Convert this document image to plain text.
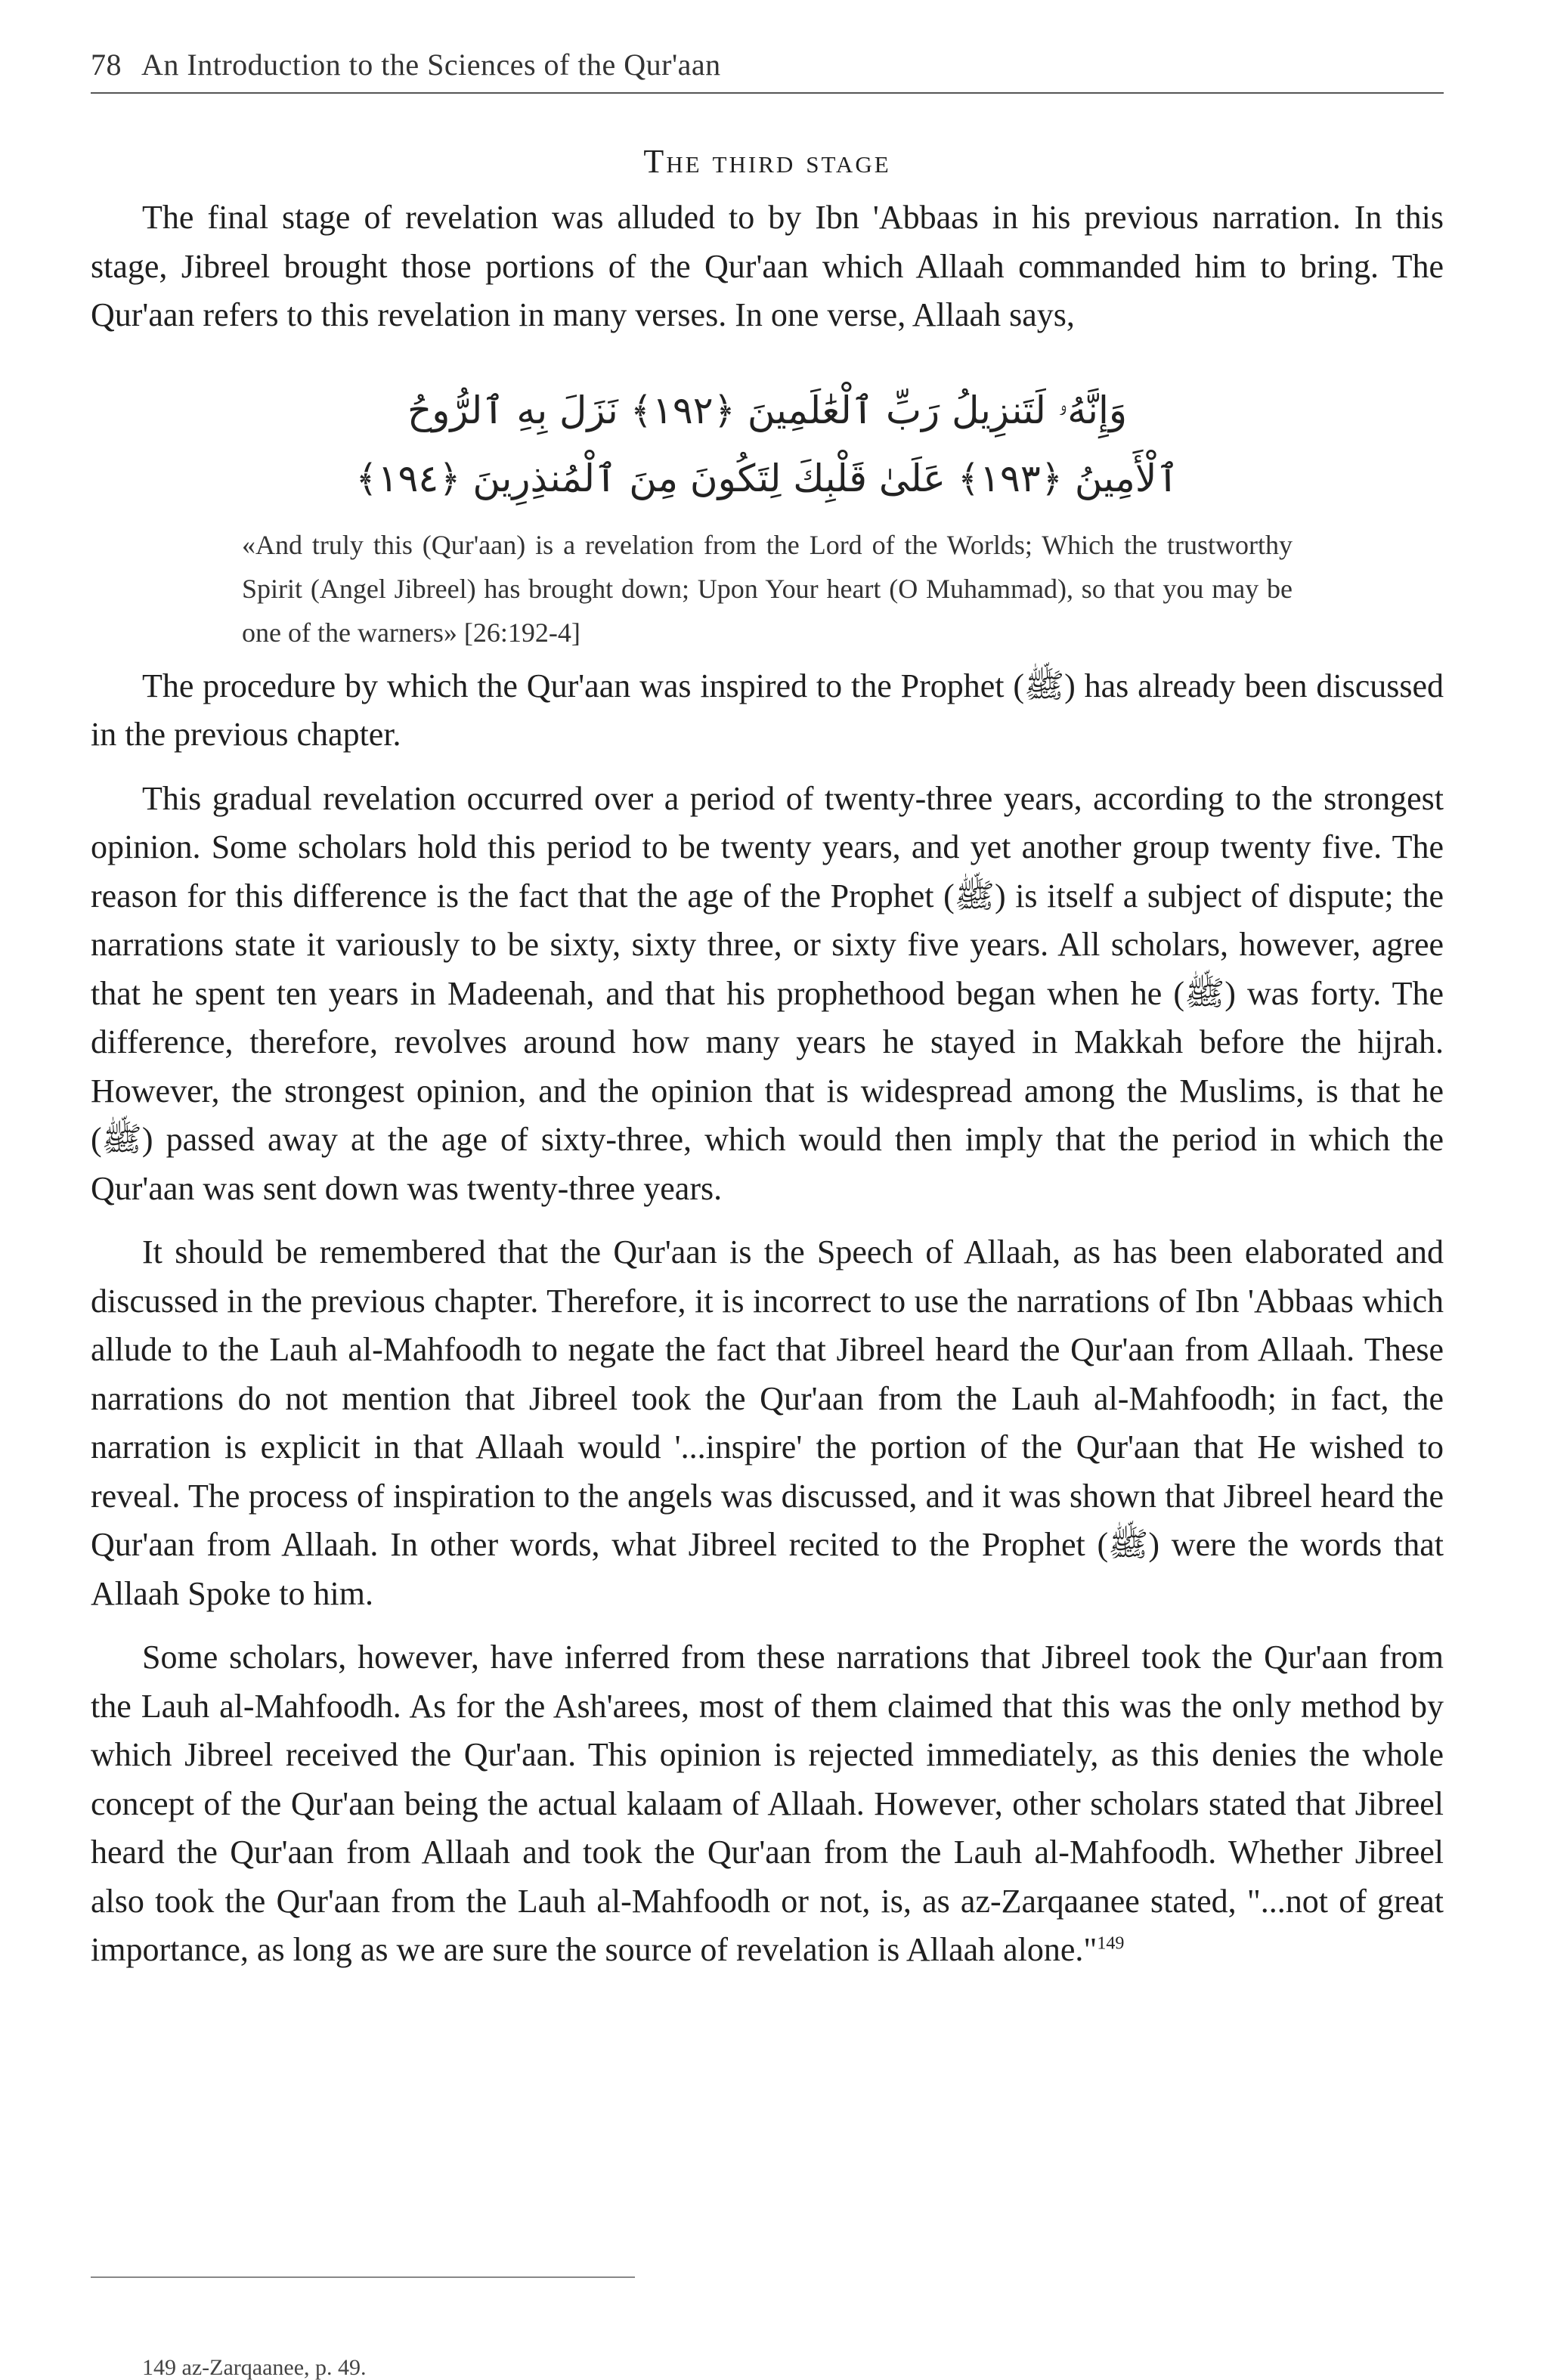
78 An Introduction to the Sciences of the Qur'aan
The third stage

The final stage of revelation was alluded to by Ibn 'Abbaas in his previous narration. In this stage, Jibreel brought those portions of the Qur'aan which Allaah commanded him to bring. The Qur'aan refers to this revelation in many verses. In one verse, Allaah says,

وَإِنَّهُۥ لَتَنزِيلُ رَبِّ ٱلْعَٰلَمِينَ ﴿١٩٢﴾ نَزَلَ بِهِ ٱلرُّوحُ
ٱلْأَمِينُ ﴿١٩٣﴾ عَلَىٰ قَلْبِكَ لِتَكُونَ مِنَ ٱلْمُنذِرِينَ ﴿١٩٤﴾
«And truly this (Qur'aan) is a revelation from the Lord of the Worlds; Which the trustworthy Spirit (Angel Jibreel) has brought down; Upon Your heart (O Muhammad), so that you may be one of the warners» [26:192-4]

The procedure by which the Qur'aan was inspired to the Prophet (ﷺ) has already been discussed in the previous chapter.

This gradual revelation occurred over a period of twenty-three years, according to the strongest opinion. Some scholars hold this period to be twenty years, and yet another group twenty five. The reason for this difference is the fact that the age of the Prophet (ﷺ) is itself a subject of dispute; the narrations state it variously to be sixty, sixty three, or sixty five years. All scholars, however, agree that he spent ten years in Madeenah, and that his prophethood began when he (ﷺ) was forty. The difference, therefore, revolves around how many years he stayed in Makkah before the hijrah. However, the strongest opinion, and the opinion that is widespread among the Muslims, is that he (ﷺ) passed away at the age of sixty-three, which would then imply that the period in which the Qur'aan was sent down was twenty-three years.

It should be remembered that the Qur'aan is the Speech of Allaah, as has been elaborated and discussed in the previous chapter. Therefore, it is incorrect to use the narrations of Ibn 'Abbaas which allude to the Lauh al-Mahfoodh to negate the fact that Jibreel heard the Qur'aan from Allaah. These narrations do not mention that Jibreel took the Qur'aan from the Lauh al-Mahfoodh; in fact, the narration is explicit in that Allaah would '...inspire' the portion of the Qur'aan that He wished to reveal. The process of inspiration to the angels was discussed, and it was shown that Jibreel heard the Qur'aan from Allaah. In other words, what Jibreel recited to the Prophet (ﷺ) were the words that Allaah Spoke to him.

Some scholars, however, have inferred from these narrations that Jibreel took the Qur'aan from the Lauh al-Mahfoodh. As for the Ash'arees, most of them claimed that this was the only method by which Jibreel received the Qur'aan. This opinion is rejected immediately, as this denies the whole concept of the Qur'aan being the actual kalaam of Allaah. However, other scholars stated that Jibreel heard the Qur'aan from Allaah and took the Qur'aan from the Lauh al-Mahfoodh. Whether Jibreel also took the Qur'aan from the Lauh al-Mahfoodh or not, is, as az-Zarqaanee stated, "...not of great importance, as long as we are sure the source of revelation is Allaah alone."$^{149}$

149 az-Zarqaanee, p. 49.
